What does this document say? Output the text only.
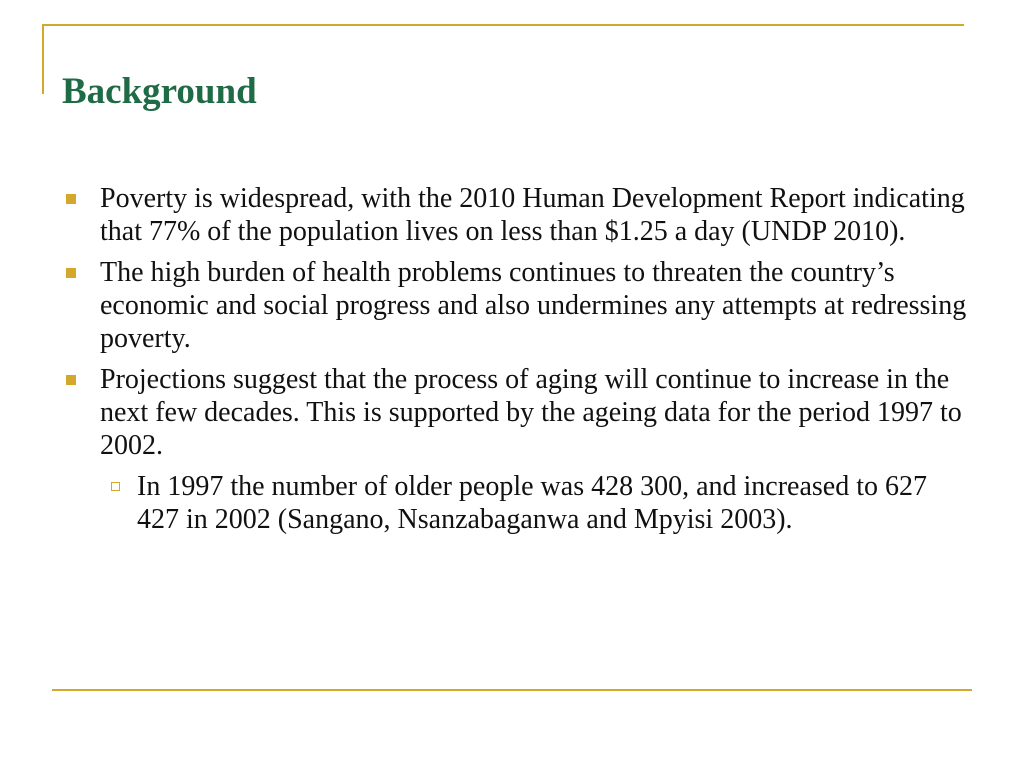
Background
Poverty is widespread, with the 2010 Human Development Report indicating that 77% of the population lives on less than $1.25 a day (UNDP 2010).
The high burden of health problems continues to threaten the country’s economic and social progress and also undermines any attempts at redressing poverty.
Projections suggest that the process of aging will continue to increase in the next few decades. This is supported by the ageing data for the period 1997 to 2002.
In 1997 the number of older people was 428 300, and increased to 627 427 in 2002 (Sangano, Nsanzabaganwa and Mpyisi 2003).
